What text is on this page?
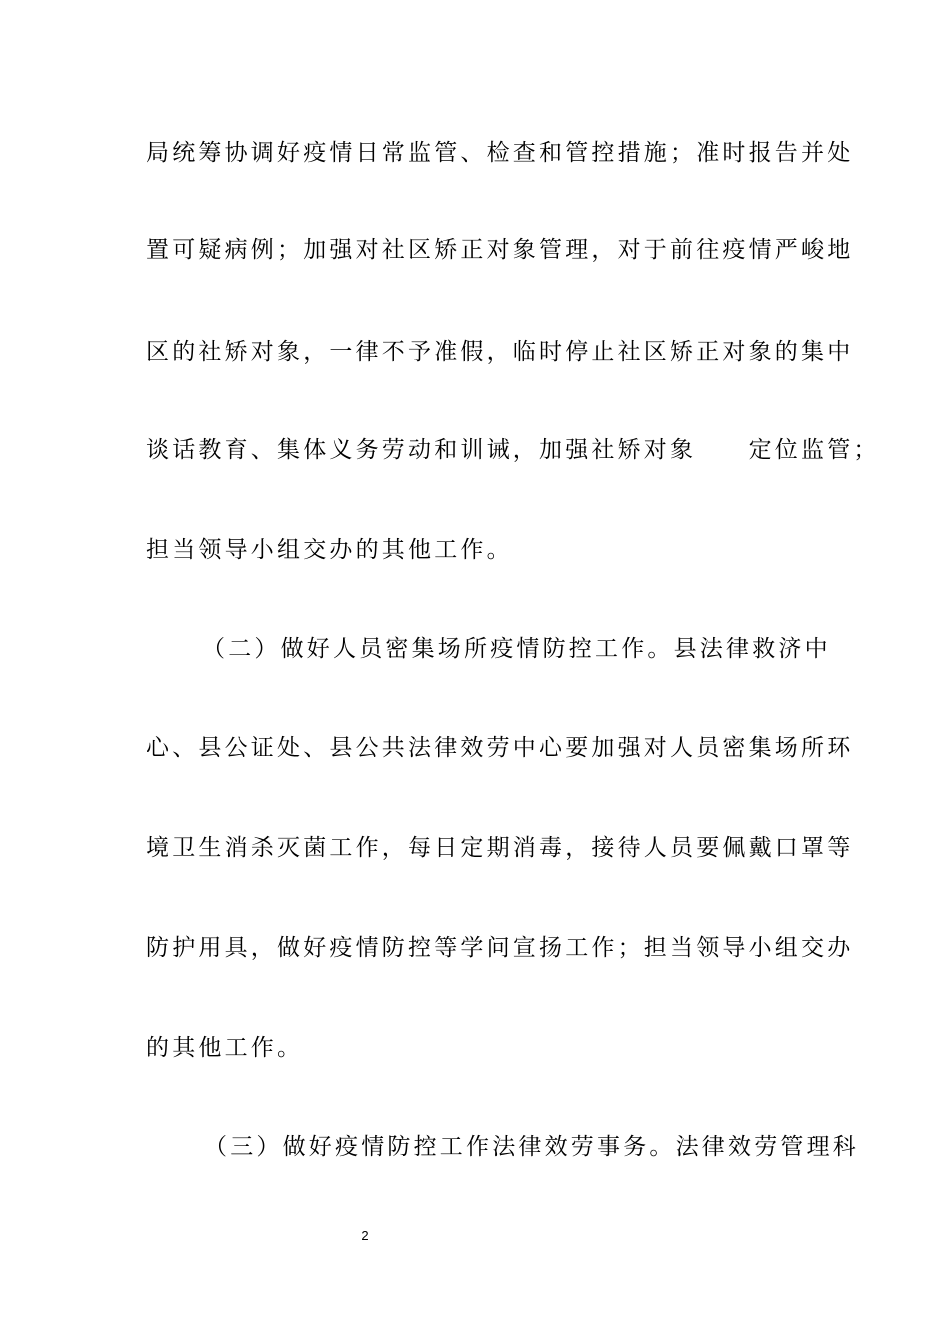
局统筹协调好疫情日常监管、检查和管控措施；准时报告并处
置可疑病例；加强对社区矫正对象管理，对于前往疫情严峻地
区的社矫对象，一律不予准假，临时停止社区矫正对象的集中
谈话教育、集体义务劳动和训诫，加强社矫对象　　定位监管；
担当领导小组交办的其他工作。
（二）做好人员密集场所疫情防控工作。县法律救济中
心、县公证处、县公共法律效劳中心要加强对人员密集场所环
境卫生消杀灭菌工作，每日定期消毒，接待人员要佩戴口罩等
防护用具，做好疫情防控等学问宣扬工作；担当领导小组交办
的其他工作。
（三）做好疫情防控工作法律效劳事务。法律效劳管理科
2
